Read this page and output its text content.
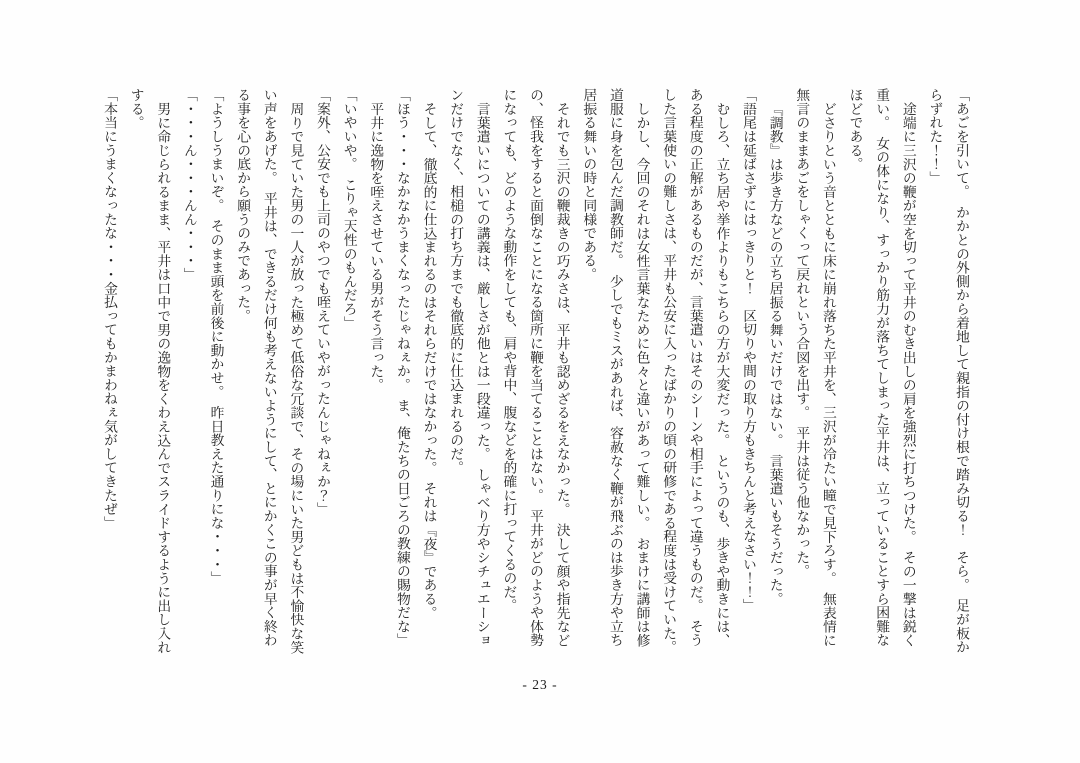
「あごを引いて。　かかとの外側から着地して親指の付け根で踏み切る！　そら。　足が板からずれた！！」

途端に三沢の鞭が空を切って平井のむき出しの肩を強烈に打ちつけた。　その一撃は鋭く重い。　女の体になり、すっかり筋力が落ちてしまった平井は、立っていることすら困難なほどである。

どさりという音とともに床に崩れ落ちた平井を、三沢が冷たい瞳で見下ろす。　無表情に無言のままあごをしゃくって戻れという合図を出す。　平井は従う他なかった。

『調教』は歩き方などの立ち居振る舞いだけではない。　言葉遣いもそうだった。

「語尾は延ばさずにはっきりと！　区切りや間の取り方もきちんと考えなさい！！」

むしろ、立ち居や挙作よりもこちらの方が大変だった。　というのも、歩きや動きには、ある程度の正解があるものだが、言葉遣いはそのシーンや相手によって違うものだ。　そうした言葉使いの難しさは、平井も公安に入ったばかりの頃の研修である程度は受けていた。

しかし、今回のそれは女性言葉なために色々と違いがあって難しい。　おまけに講師は修道服に身を包んだ調教師だ。　少しでもミスがあれば、容赦なく鞭が飛ぶのは歩き方や立ち居振る舞いの時と同様である。

それでも三沢の鞭裁きの巧みさは、平井も認めざるをえなかった。　決して顔や指先などの、怪我をすると面倒なことになる箇所に鞭を当てることはない。　平井がどのようや体勢になっても、どのような動作をしても、肩や背中、腹などを的確に打ってくるのだ。

言葉遣いについての講義は、厳しさが他とは一段違った。　しゃべり方やシチュエーションだけでなく、相槌の打ち方までも徹底的に仕込まれるのだ。

そして、徹底的に仕込まれるのはそれらだけではなかった。　それは『夜』である。

「ほう・・・なかなかうまくなったじゃねぇか。　ま、俺たちの日ごろの教練の賜物だな」

平井に逸物を咥えさせている男がそう言った。

「いやいや。　こりゃ天性のもんだろ」

「案外、公安でも上司のやつでも咥えていやがったんじゃねぇか？」

周りで見ていた男の一人が放った極めて低俗な冗談で、その場にいた男どもは不愉快な笑い声をあげた。　平井は、できるだけ何も考えないようにして、とにかくこの事が早く終わる事を心の底から願うのみであった。

「ようしうまいぞ。　そのまま頭を前後に動かせ。　昨日教えた通りにな・・・」

「・・・ん・・・んん・・・」

男に命じられるまま、平井は口中で男の逸物をくわえ込んでスライドするように出し入れする。

「本当にうまくなったな・・・金払ってもかまわねぇ気がしてきたぜ」

- 23 -
